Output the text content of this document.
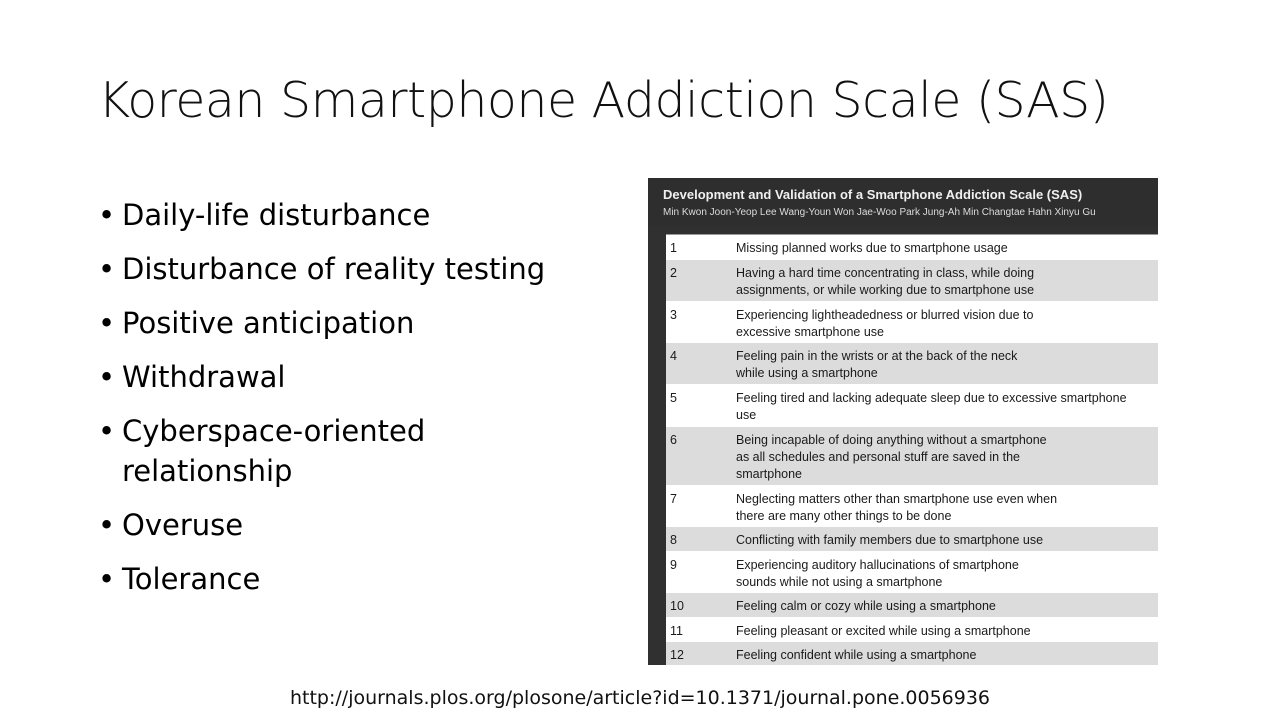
Korean Smartphone Addiction Scale (SAS)
• Daily-life disturbance
• Disturbance of reality testing
• Positive anticipation
• Withdrawal
• Cyberspace-oriented relationship
• Overuse
• Tolerance
Development and Validation of a Smartphone Addiction Scale (SAS)
Min Kwon Joon-Yeop Lee Wang-Youn Won Jae-Woo Park Jung-Ah Min Changtae Hahn Xinyu Gu
1	Missing planned works due to smartphone usage
2	Having a hard time concentrating in class, while doing
assignments, or while working due to smartphone use
3	Experiencing lightheadedness or blurred vision due to
excessive smartphone use
4	Feeling pain in the wrists or at the back of the neck
while using a smartphone
5	Feeling tired and lacking adequate sleep due to excessive smartphone
use
6	Being incapable of doing anything without a smartphone
as all schedules and personal stuff are saved in the
smartphone
7	Neglecting matters other than smartphone use even when
there are many other things to be done
8	Conflicting with family members due to smartphone use
9	Experiencing auditory hallucinations of smartphone
sounds while not using a smartphone
10	Feeling calm or cozy while using a smartphone
11	Feeling pleasant or excited while using a smartphone
12	Feeling confident while using a smartphone
http://journals.plos.org/plosone/article?id=10.1371/journal.pone.0056936
